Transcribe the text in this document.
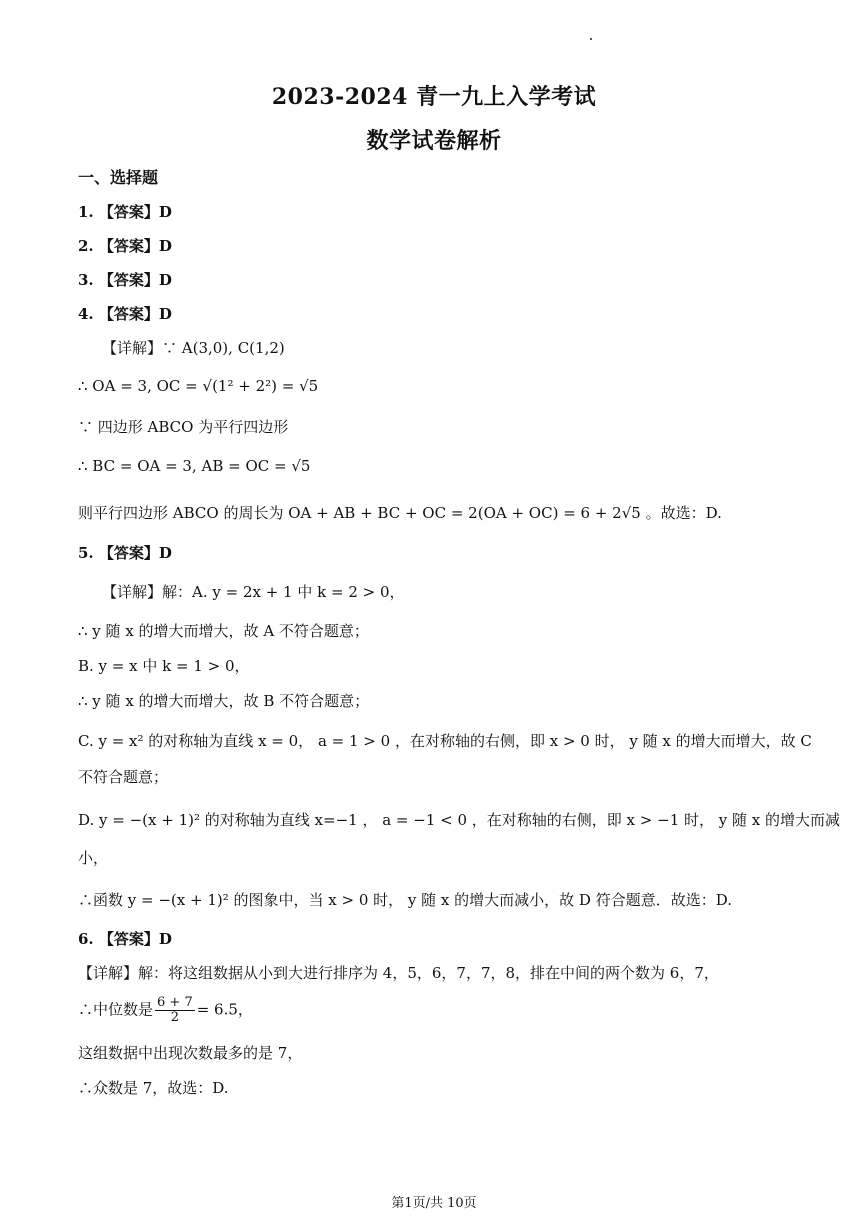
2023-2024 青一九上入学考试
数学试卷解析
一、选择题
1. 【答案】D
2. 【答案】D
3. 【答案】D
4. 【答案】D
【详解】∵ A(3,0), C(1,2)
∴ OA = 3, OC = √(1² + 2²) = √5
∵ 四边形 ABCO 为平行四边形
∴ BC = OA = 3, AB = OC = √5
则平行四边形 ABCO 的周长为 OA + AB + BC + OC = 2(OA + OC) = 6 + 2√5 。故选：D.
5. 【答案】D
【详解】解：A. y = 2x + 1 中 k = 2 > 0，
∴ y 随 x 的增大而增大，故 A 不符合题意；
B. y = x 中 k = 1 > 0，
∴ y 随 x 的增大而增大，故 B 不符合题意；
C. y = x² 的对称轴为直线 x = 0， a = 1 > 0 ，在对称轴的右侧，即 x > 0 时， y 随 x 的增大而增大，故 C
不符合题意；
D. y = −(x + 1)² 的对称轴为直线 x=−1 ， a = −1 < 0 ，在对称轴的右侧，即 x > −1 时， y 随 x 的增大而减
小，
∴函数 y = −(x + 1)² 的图象中，当 x > 0 时， y 随 x 的增大而减小，故 D 符合题意．故选：D.
6. 【答案】D
【详解】解：将这组数据从小到大进行排序为 4，5，6，7，7，8，排在中间的两个数为 6，7，
∴中位数是 $\frac{6 + 7}{2} = 6.5$，
这组数据中出现次数最多的是 7，
∴众数是 7，故选：D.
第1页/共 10页
